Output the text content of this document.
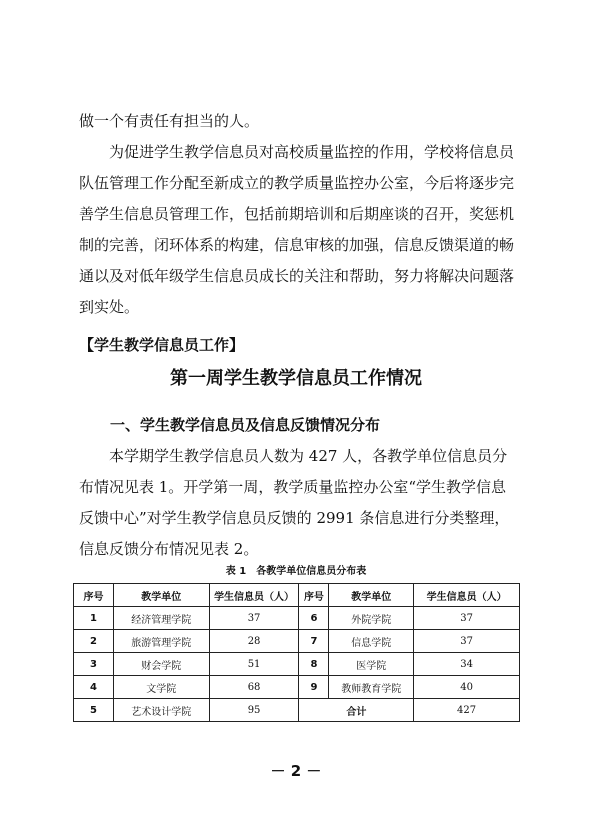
做一个有责任有担当的人。

为促进学生教学信息员对高校质量监控的作用，学校将信息员队伍管理工作分配至新成立的教学质量监控办公室，今后将逐步完善学生信息员管理工作，包括前期培训和后期座谈的召开，奖惩机制的完善，闭环体系的构建，信息审核的加强，信息反馈渠道的畅通以及对低年级学生信息员成长的关注和帮助，努力将解决问题落到实处。

【学生教学信息员工作】
第一周学生教学信息员工作情况
一、学生教学信息员及信息反馈情况分布

本学期学生教学信息员人数为 427 人，各教学单位信息员分布情况见表 1。开学第一周，教学质量监控办公室“学生教学信息反馈中心”对学生教学信息员反馈的 2991 条信息进行分类整理，信息反馈分布情况见表 2。

表 1　各教学单位信息员分布表
序号	教学单位	学生信息员（人）	序号	教学单位	学生信息员（人）
1	经济管理学院	37	6	外院学院	37
2	旅游管理学院	28	7	信息学院	37
3	财会学院	51	8	医学院	34
4	文学院	68	9	教师教育学院	40
5	艺术设计学院	95	合计		427
－ 2 －
